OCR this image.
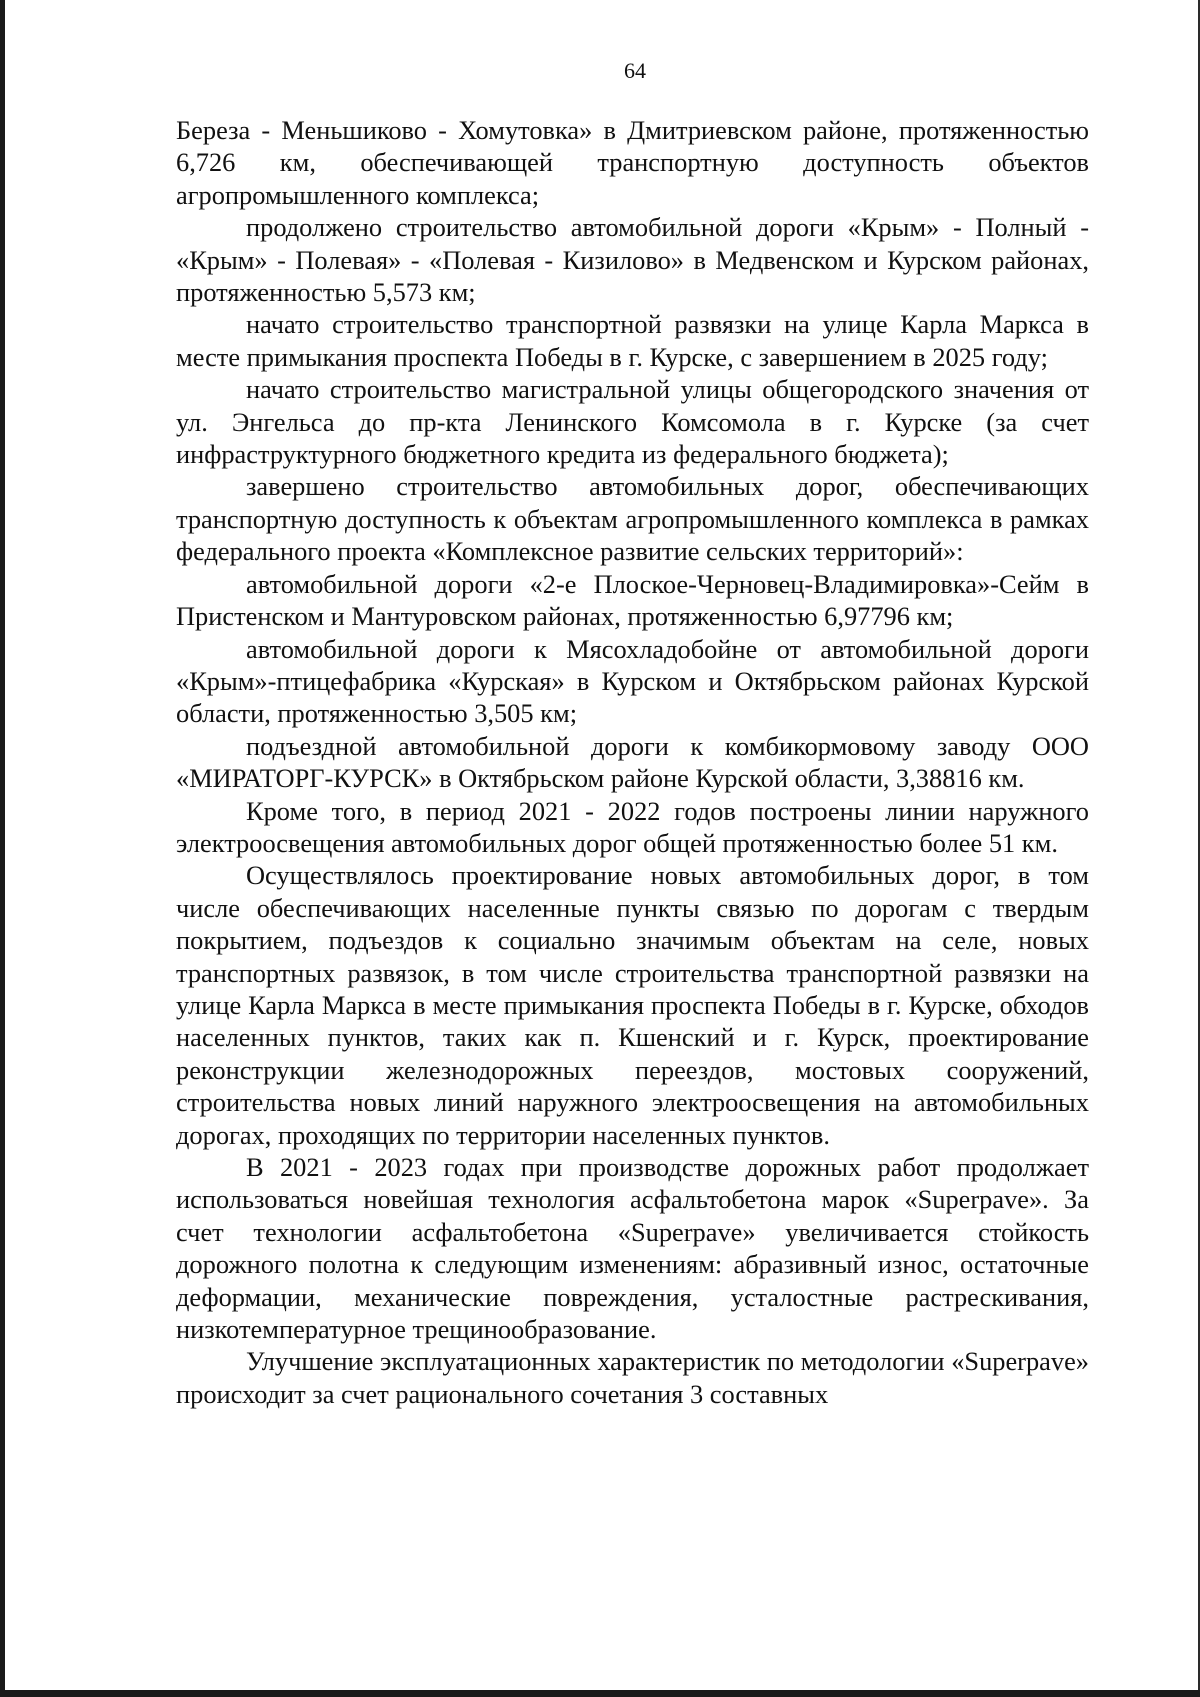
64

Береза - Меньшиково - Хомутовка» в Дмитриевском районе, протяженностью 6,726 км, обеспечивающей транспортную доступность объектов агропромышленного комплекса;

продолжено строительство автомобильной дороги «Крым» - Полный - «Крым» - Полевая» - «Полевая - Кизилово» в Медвенском и Курском районах, протяженностью 5,573 км;

начато строительство транспортной развязки на улице Карла Маркса в месте примыкания проспекта Победы в г. Курске, с завершением в 2025 году;

начато строительство магистральной улицы общегородского значения от ул. Энгельса до пр-кта Ленинского Комсомола в г. Курске (за счет инфраструктурного бюджетного кредита из федерального бюджета);

завершено строительство автомобильных дорог, обеспечивающих транспортную доступность к объектам агропромышленного комплекса в рамках федерального проекта «Комплексное развитие сельских территорий»:

автомобильной дороги «2-е Плоское-Черновец-Владимировка»-Сейм в Пристенском и Мантуровском районах, протяженностью 6,97796 км;

автомобильной дороги к Мясохладобойне от автомобильной дороги «Крым»-птицефабрика «Курская» в Курском и Октябрьском районах Курской области, протяженностью 3,505 км;

подъездной автомобильной дороги к комбикормовому заводу ООО «МИРАТОРГ-КУРСК» в Октябрьском районе Курской области, 3,38816 км.

Кроме того, в период 2021 - 2022 годов построены линии наружного электроосвещения автомобильных дорог общей протяженностью более 51 км.

Осуществлялось проектирование новых автомобильных дорог, в том числе обеспечивающих населенные пункты связью по дорогам с твердым покрытием, подъездов к социально значимым объектам на селе, новых транспортных развязок, в том числе строительства транспортной развязки на улице Карла Маркса в месте примыкания проспекта Победы в г. Курске, обходов населенных пунктов, таких как п. Кшенский и г. Курск, проектирование реконструкции железнодорожных переездов, мостовых сооружений, строительства новых линий наружного электроосвещения на автомобильных дорогах, проходящих по территории населенных пунктов.

В 2021 - 2023 годах при производстве дорожных работ продолжает использоваться новейшая технология асфальтобетона марок «Superpave». За счет технологии асфальтобетона «Superpave» увеличивается стойкость дорожного полотна к следующим изменениям: абразивный износ, остаточные деформации, механические повреждения, усталостные растрескивания, низкотемпературное трещинообразование.

Улучшение эксплуатационных характеристик по методологии «Superpave» происходит за счет рационального сочетания 3 составных
